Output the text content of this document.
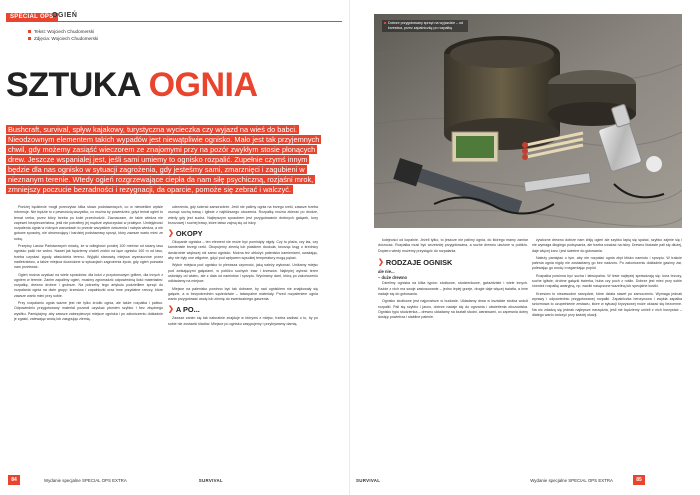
SPECIAL OPS
OGIEŃ
Tekst: Wojciech Chudomerski
Zdjęcia: Wojciech Chudomerski
SZTUKA OGNIA
Bushcraft, survival, spływ kajakowy, turystyczna wycieczka czy wyjazd na wieś do babci. Nieodzownym elementem takich wypadów jest niewątpliwie ognisko. Mało jest tak przyjemnych chwil, gdy możemy zasiąść wieczorem ze znajomymi przy na pozór zwykłym stosie płonących drew. Jeszcze wspanialej jest, jeśli sami umiemy to ognisko rozpalić. Zupełnie czymś innym będzie dla nas ognisko w sytuacji zagrożenia, gdy jesteśmy sami, zmarznięci i zagubieni w nieznanym terenie. Wtedy ogień rozgrzewające ciepła da nam siłę psychiczną, rozjaśni mrok, zmniejszy poczucie bezradności i rezygnacji, da oparcie, pomoże się zebrać i walczyć.

Poniżej będziecie mogli przeczytać kilka słowo podstawowych, co w niewielkim wpisie informuje. Nie będzie to z pewnością wszystko, co można by powiedzieć, gdyż temat ogień to temat rzeka, przez który trzeba po kolei przechodzić. Zaznaczam, że takie wiedza nie zapewni bezpieczeństwa, jeśli nie potrafimy jej mądrze wykorzystać w praktyce. Umiejętność rozpalenia ognia w różnych warunkach to przede wszystkim ćwiczenia i nabyta wiedza, a nie gotowe sposoby, nie obserwujący i bardziej podstawowy sprzęt, który zawsze warto mieć ze sobą.

Przepisy Lasów Państwowych mówią, że w odległości poniżej 100 metrów od ściany lasu ognisko palić nie wolno. Nawet jak będziemy chcieli zrobić na łące ognisko 100 m od lasu, trzeba uzyskać zgodę właściciela terenu. Wyjątki stanowią miejsca wyznaczone przez nadleśnictwo, a także miejsca dozwolone w sytuacjach zagrożenia życia, gdy ogień pozwala nam przetrwać.

Ogień można uzyskać na wiele sposobów: dla ludzi z przydomowym grillem, dla innych z ogniem w terenie. Zanim zapalimy ogień, musimy zgromadzić odpowiednią ilość materiałów: rozpałkę, drewno drobne i grubsze. Na potrzeby tego artykułu podzieliłem sprzęt do rozpalania ognia na dwie grupy: krzesiwa i zapalniczki oraz inne przydatne rzeczy, które zawsze warto mieć przy sobie.

Przy rozpalaniu ognia ważne jest nie tylko źródło ognia, ale także rozpałka i paliwo. Odpowiednio przygotowany materiał pozwoli uzyskać płomień szybko i bez zbędnego wysiłku. Pamiętajmy, aby zawsze zabezpieczyć miejsce ogniska i po zakończeniu dokładnie je zgasić, zalewając wodą lub zasypując ziemią.

uderzenia, gdy ścierać samorzutnie. Jeśli nie palimy ognia na brzegu rzeki, zawsze trzeba usunąć suchą trawę i igliwie z najbliższego otoczenia. Rozpałkę można zbierać po drodze, wtedy gdy jest sucha. Najlepszym sposobem jest przygotowanie drobnych gałązek, kory brzozowej i suchej trawy, które łatwo zajmą się od iskry.

❯ OKOPY

Okopanie ogniska – ten element nie może być pominięty nigdy. Czy to plaża, czy las, czy kamieniste brzegi rzeki. Okopujemy ziemią lub piaskiem dookoła, tworząc krąg o średnicy dwukrotnie większej niż samo ognisko. Można też obłożyć palenisko kamieniami, uważając, aby nie były one wilgotne, gdyż pod wpływem wysokiej temperatury mogą pękać.

Wybór miejsca pod ognisko to pierwsza czynność, jaką należy wykonać. Unikamy miejsc pod zwisającymi gałęziami, w pobliżu suchych traw i krzewów. Najlepiej wybrać teren osłonięty od wiatru, ale z dala od namiotów i sprzętu. Wycinamy darń, którą po zakończeniu odkładamy na miejsce.

Miejsce na palenisko powinno być tak dobrane, by nad ogniskiem nie znajdowały się gałęzie, a w bezpośrednim sąsiedztwie – łatwopalne materiały. Przed rozpaleniem ognia warto przygotować wodę lub ziemię do ewentualnego gaszenia.

❯ A PO...

Zawsze zanim się tak naturalnie znajduje w którymś z miejsc, trzeba zadbać o to, by po sobie nie zostawić śladów. Miejsce po ognisku zasypujemy i przykrywamy darnią.

Dobrze przygotowany sprzęt na wyjazdzie – od krzesiwa, przez zapalniczkę po rozpałkę

kolejności od kopalnie. Jeżeli tylko, to jeszcze nie palimy ognia, do którego mamy zamiar dorzucać. Rozpałka musi być wcześniej przygotowana, a suche drewno ułożone w pobliżu. Dopiero wtedy możemy przystąpić do rozpalania.

❯ RODZAJE OGNISK
ale nie...
– duże drewno

Dzielimy ogniska na kilka typów: stożkowe, studzienkowe, gwiaździste i wiele innych. Każde z nich ma swoje zastosowanie – jedno lepiej grzeje, drugie daje więcej światła, a inne nadaje się do gotowania.

Ognisko stożkowe jest najprostsze w budowie. Układamy drwa w kształcie stożka wokół rozpałki. Pali się szybko i jasno, dobrze nadaje się do ogrzania i oświetlenia obozowiska. Ognisko typu studzienka – drewno układamy na kształt studni, warstwami, co zapewnia dobry dostęp powietrza i stabilne palenie.

żywiczne drewno dobrze nam zbiję ogień ale szybko łapią się spalać, szybko zajmie się i nie wymaga długiego podsycania, ale trzeba uważać na iskry. Drewno liściaste pali się dłużej, daje więcej żaru i jest świetne do gotowania.

Należy pamiętać o tym, aby nie rozpalać ognia zbyt blisko namiotu i sprzętu. W trakcie palenia ognia nigdy nie zostawiamy go bez nadzoru. Po zakończeniu dokładnie gasimy żar, polewając go wodą i rozgarniając popiół.

Rozpałka powinna być sucha i łatwopalna. W lesie najlepiej sprawdzają się: kora brzozy, suche igliwie, drobne gałązki świerka, huba czy puch z roślin. Dobrze jest mieć przy sobie również rozpałkę awaryjną, np. waciki nasączone wazeliną lub specjalne kostki.

Krzesiwo to niezawodne narzędzie, które działa nawet po zamoczeniu. Wymaga jednak wprawy i odpowiednio przygotowanej rozpałki. Zapalniczka benzynowa i zwykła zapałka sztormowa to uzupełnienie zestawu, które w sytuacji kryzysowej może okazać się bezcenne. Na nic zdadzą się jednak najlepsze narzędzia, jeśli nie będziemy umieli z nich korzystać – dlatego warto ćwiczyć przy każdej okazji.

84	Wydanie specjalne SPECIAL OPS EXTRA	SURVIVAL	SURVIVAL	Wydanie specjalne SPECIAL OPS EXTRA	85
